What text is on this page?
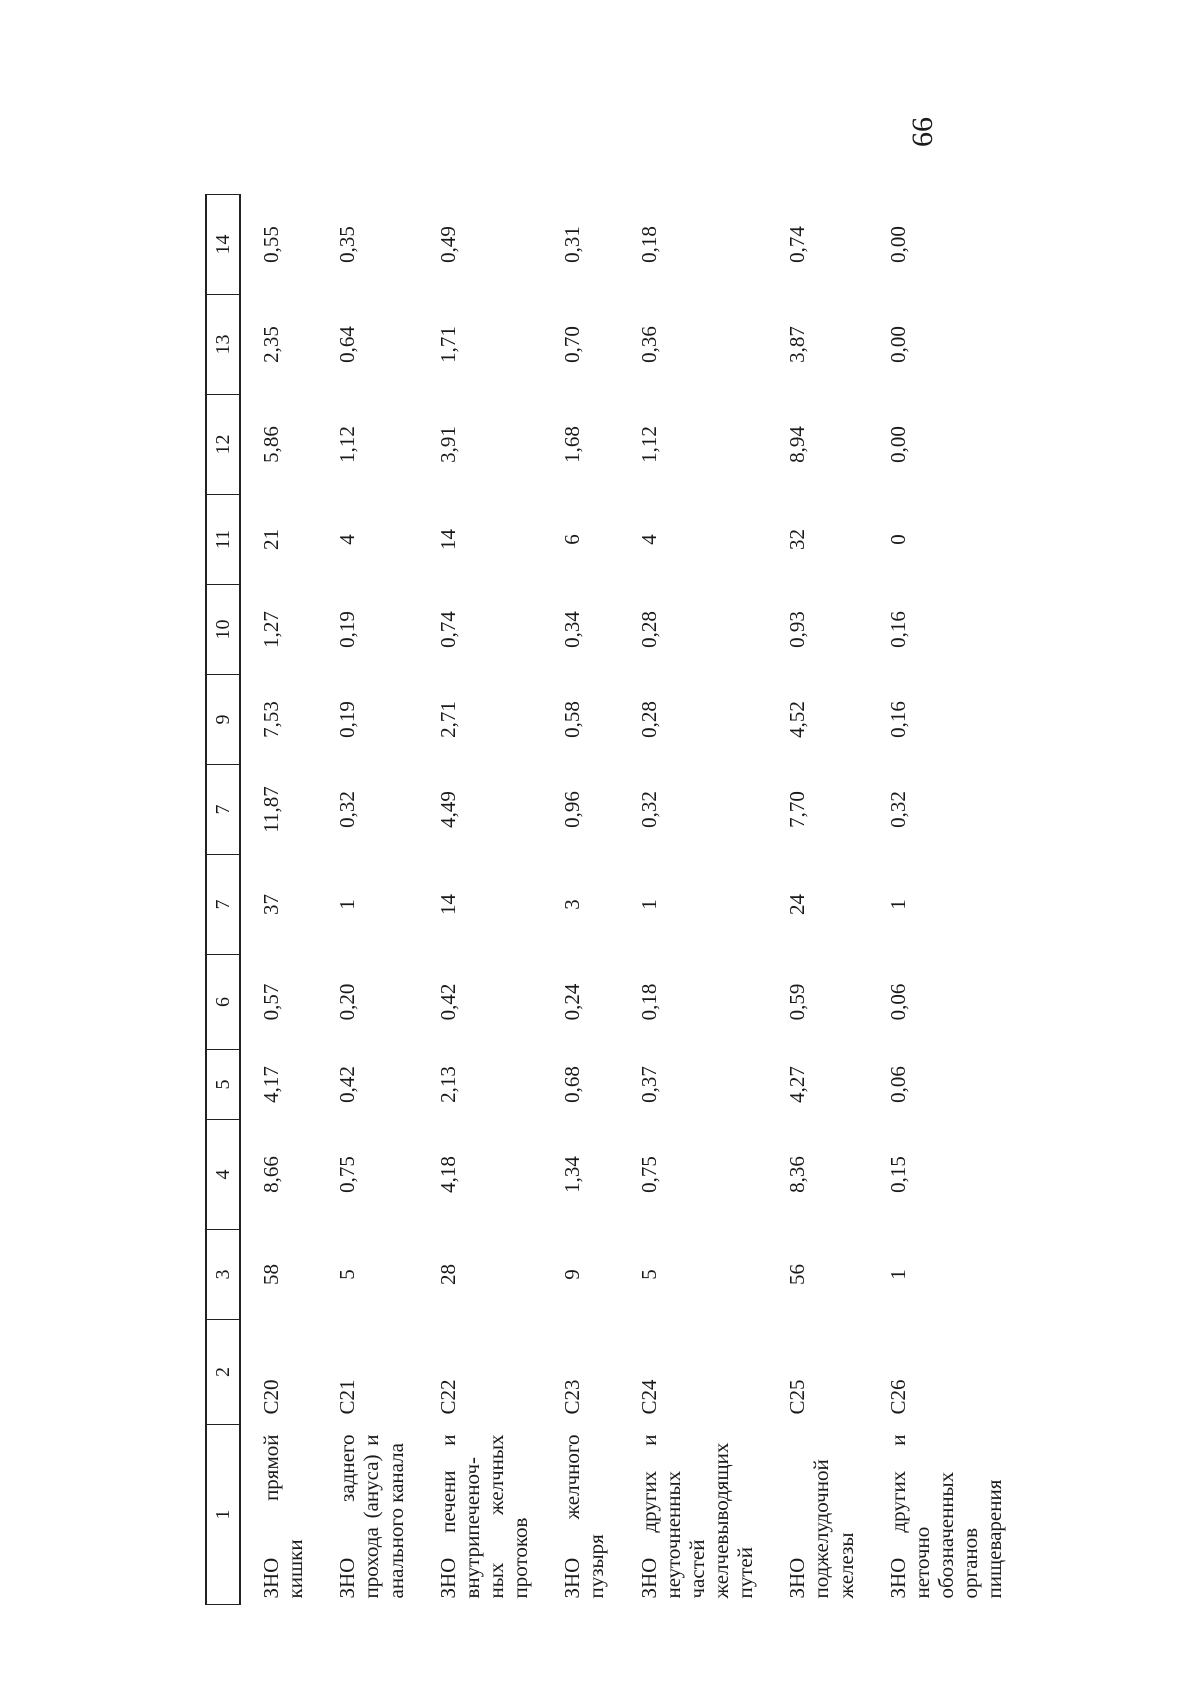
66
1	2	3	4	5	6	7	7	9	10	11	12	13	14
ЗНО прямой кишки	C20	58	8,66	4,17	0,57	37	11,87	7,53	1,27	21	5,86	2,35	0,55
ЗНО заднего прохода (ануса) и анального канала	C21	5	0,75	0,42	0,20	1	0,32	0,19	0,19	4	1,12	0,64	0,35
ЗНО печени и внутрипеченоч-ных желчных протоков	C22	28	4,18	2,13	0,42	14	4,49	2,71	0,74	14	3,91	1,71	0,49
ЗНО желчного пузыря	C23	9	1,34	0,68	0,24	3	0,96	0,58	0,34	6	1,68	0,70	0,31
ЗНО других и неуточненных частей желчевыводящих путей	C24	5	0,75	0,37	0,18	1	0,32	0,28	0,28	4	1,12	0,36	0,18
ЗНО поджелудочной железы	C25	56	8,36	4,27	0,59	24	7,70	4,52	0,93	32	8,94	3,87	0,74
ЗНО других и неточно обозначенных органов пищеварения	C26	1	0,15	0,06	0,06	1	0,32	0,16	0,16	0	0,00	0,00	0,00
